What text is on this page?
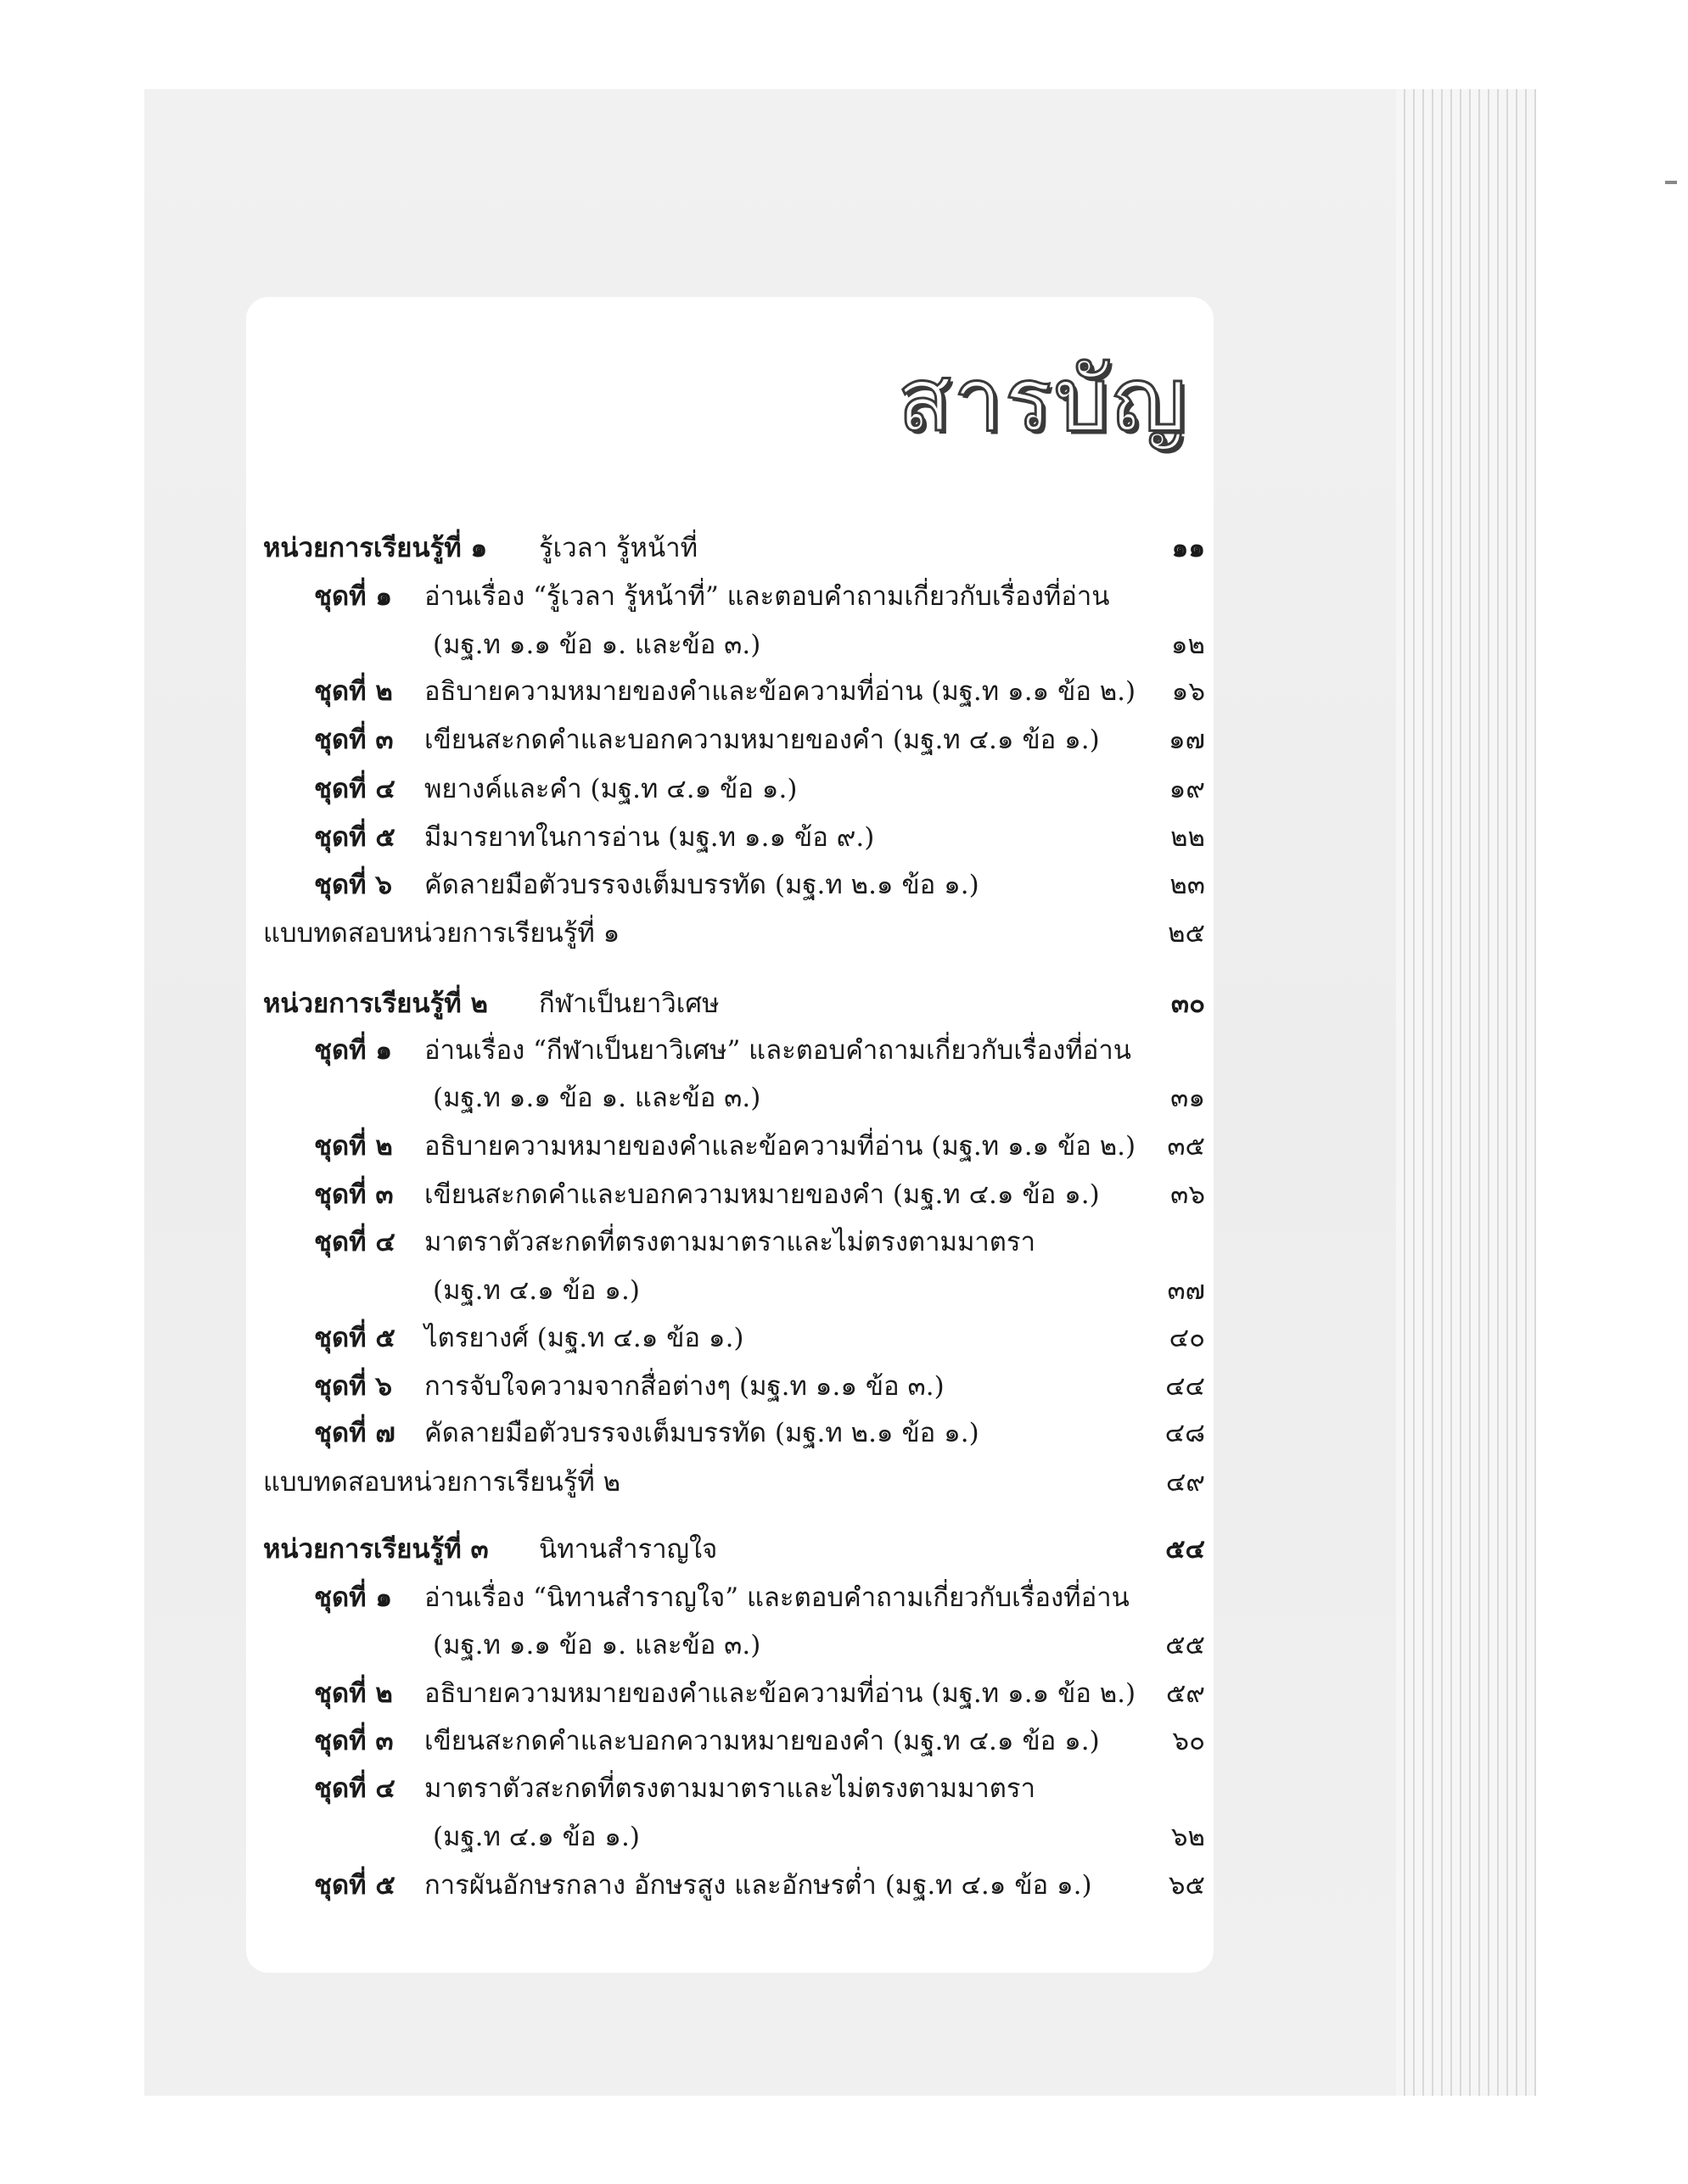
สารบัญ
หน่วยการเรียนรู้ที่ ๑ รู้เวลา รู้หน้าที่	๑๑
ชุดที่ ๑ อ่านเรื่อง “รู้เวลา รู้หน้าที่” และตอบคำถามเกี่ยวกับเรื่องที่อ่าน
(มฐ.ท ๑.๑ ข้อ ๑. และข้อ ๓.)	๑๒
ชุดที่ ๒ อธิบายความหมายของคำและข้อความที่อ่าน (มฐ.ท ๑.๑ ข้อ ๒.) ๑๖
ชุดที่ ๓ เขียนสะกดคำและบอกความหมายของคำ (มฐ.ท ๔.๑ ข้อ ๑.)	๑๗
ชุดที่ ๔ พยางค์และคำ (มฐ.ท ๔.๑ ข้อ ๑.)	๑๙
ชุดที่ ๕ มีมารยาทในการอ่าน (มฐ.ท ๑.๑ ข้อ ๙.)	๒๒
ชุดที่ ๖ คัดลายมือตัวบรรจงเต็มบรรทัด (มฐ.ท ๒.๑ ข้อ ๑.)	๒๓
แบบทดสอบหน่วยการเรียนรู้ที่ ๑	๒๕
หน่วยการเรียนรู้ที่ ๒ กีฬาเป็นยาวิเศษ	๓๐
ชุดที่ ๑ อ่านเรื่อง “กีฬาเป็นยาวิเศษ” และตอบคำถามเกี่ยวกับเรื่องที่อ่าน
(มฐ.ท ๑.๑ ข้อ ๑. และข้อ ๓.)	๓๑
ชุดที่ ๒ อธิบายความหมายของคำและข้อความที่อ่าน (มฐ.ท ๑.๑ ข้อ ๒.) ๓๕
ชุดที่ ๓ เขียนสะกดคำและบอกความหมายของคำ (มฐ.ท ๔.๑ ข้อ ๑.)	๓๖
ชุดที่ ๔ มาตราตัวสะกดที่ตรงตามมาตราและไม่ตรงตามมาตรา
(มฐ.ท ๔.๑ ข้อ ๑.)	๓๗
ชุดที่ ๕ ไตรยางศ์ (มฐ.ท ๔.๑ ข้อ ๑.)	๔๐
ชุดที่ ๖ การจับใจความจากสื่อต่างๆ (มฐ.ท ๑.๑ ข้อ ๓.)	๔๔
ชุดที่ ๗ คัดลายมือตัวบรรจงเต็มบรรทัด (มฐ.ท ๒.๑ ข้อ ๑.)	๔๘
แบบทดสอบหน่วยการเรียนรู้ที่ ๒	๔๙
หน่วยการเรียนรู้ที่ ๓ นิทานสำราญใจ	๕๔
ชุดที่ ๑ อ่านเรื่อง “นิทานสำราญใจ” และตอบคำถามเกี่ยวกับเรื่องที่อ่าน
(มฐ.ท ๑.๑ ข้อ ๑. และข้อ ๓.)	๕๕
ชุดที่ ๒ อธิบายความหมายของคำและข้อความที่อ่าน (มฐ.ท ๑.๑ ข้อ ๒.) ๕๙
ชุดที่ ๓ เขียนสะกดคำและบอกความหมายของคำ (มฐ.ท ๔.๑ ข้อ ๑.)	๖๐
ชุดที่ ๔ มาตราตัวสะกดที่ตรงตามมาตราและไม่ตรงตามมาตรา
(มฐ.ท ๔.๑ ข้อ ๑.)	๖๒
ชุดที่ ๕ การผันอักษรกลาง อักษรสูง และอักษรต่ำ (มฐ.ท ๔.๑ ข้อ ๑.)	๖๕
